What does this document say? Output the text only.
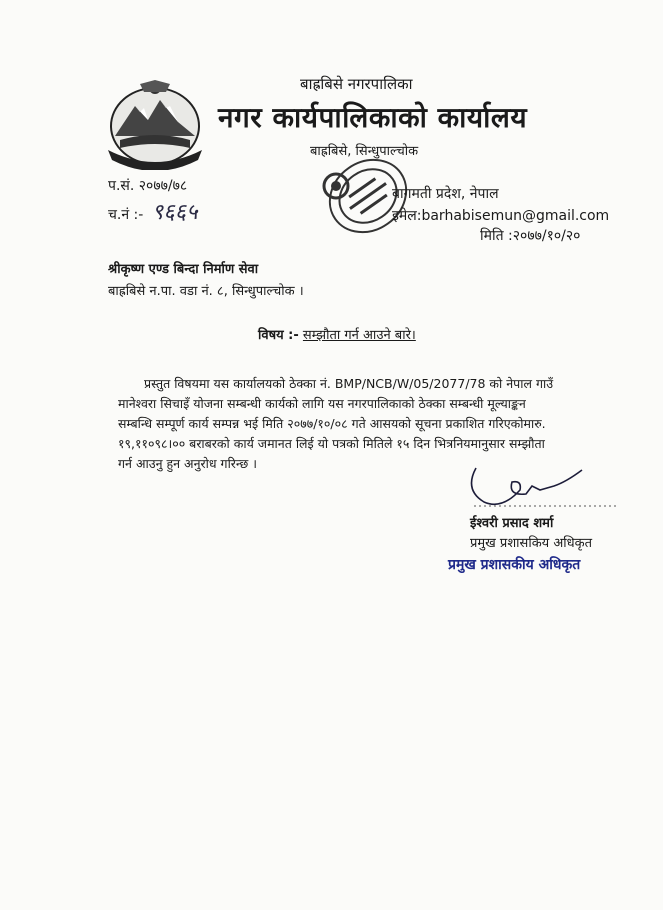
बाह्रबिसे नगरपालिका
नगर कार्यपालिकाको कार्यालय
बाह्रबिसे, सिन्धुपाल्चोक
प.सं. २०७७/७८
च.नं :- ९६६५
बागमती प्रदेश, नेपाल
इमेल:barhabisemun@gmail.com
मिति :२०७७/१०/२०
श्रीकृष्ण एण्ड बिन्दा निर्माण सेवा
बाह्रबिसे न.पा. वडा नं. ८, सिन्धुपाल्चोक ।
विषय :- सम्झौता गर्न आउने बारे।
प्रस्तुत विषयमा यस कार्यालयको ठेक्का नं. BMP/NCB/W/05/2077/78 को नेपाल गाउँ
मानेश्वरा सिचाइँ योजना सम्बन्धी कार्यको लागि यस नगरपालिकाको ठेक्का सम्बन्धी मूल्याङ्कन
सम्बन्धि सम्पूर्ण कार्य सम्पन्न भई मिति २०७७/१०/०८ गते आसयको सूचना प्रकाशित गरिएकोमारु.
१९,११०९८।०० बराबरको कार्य जमानत लिई यो पत्रको मितिले १५ दिन भित्रनियमानुसार सम्झौता
गर्न आउनु हुन अनुरोध गरिन्छ ।
ईश्वरी प्रसाद शर्मा
प्रमुख प्रशासकिय अधिकृत
प्रमुख प्रशासकीय अधिकृत
